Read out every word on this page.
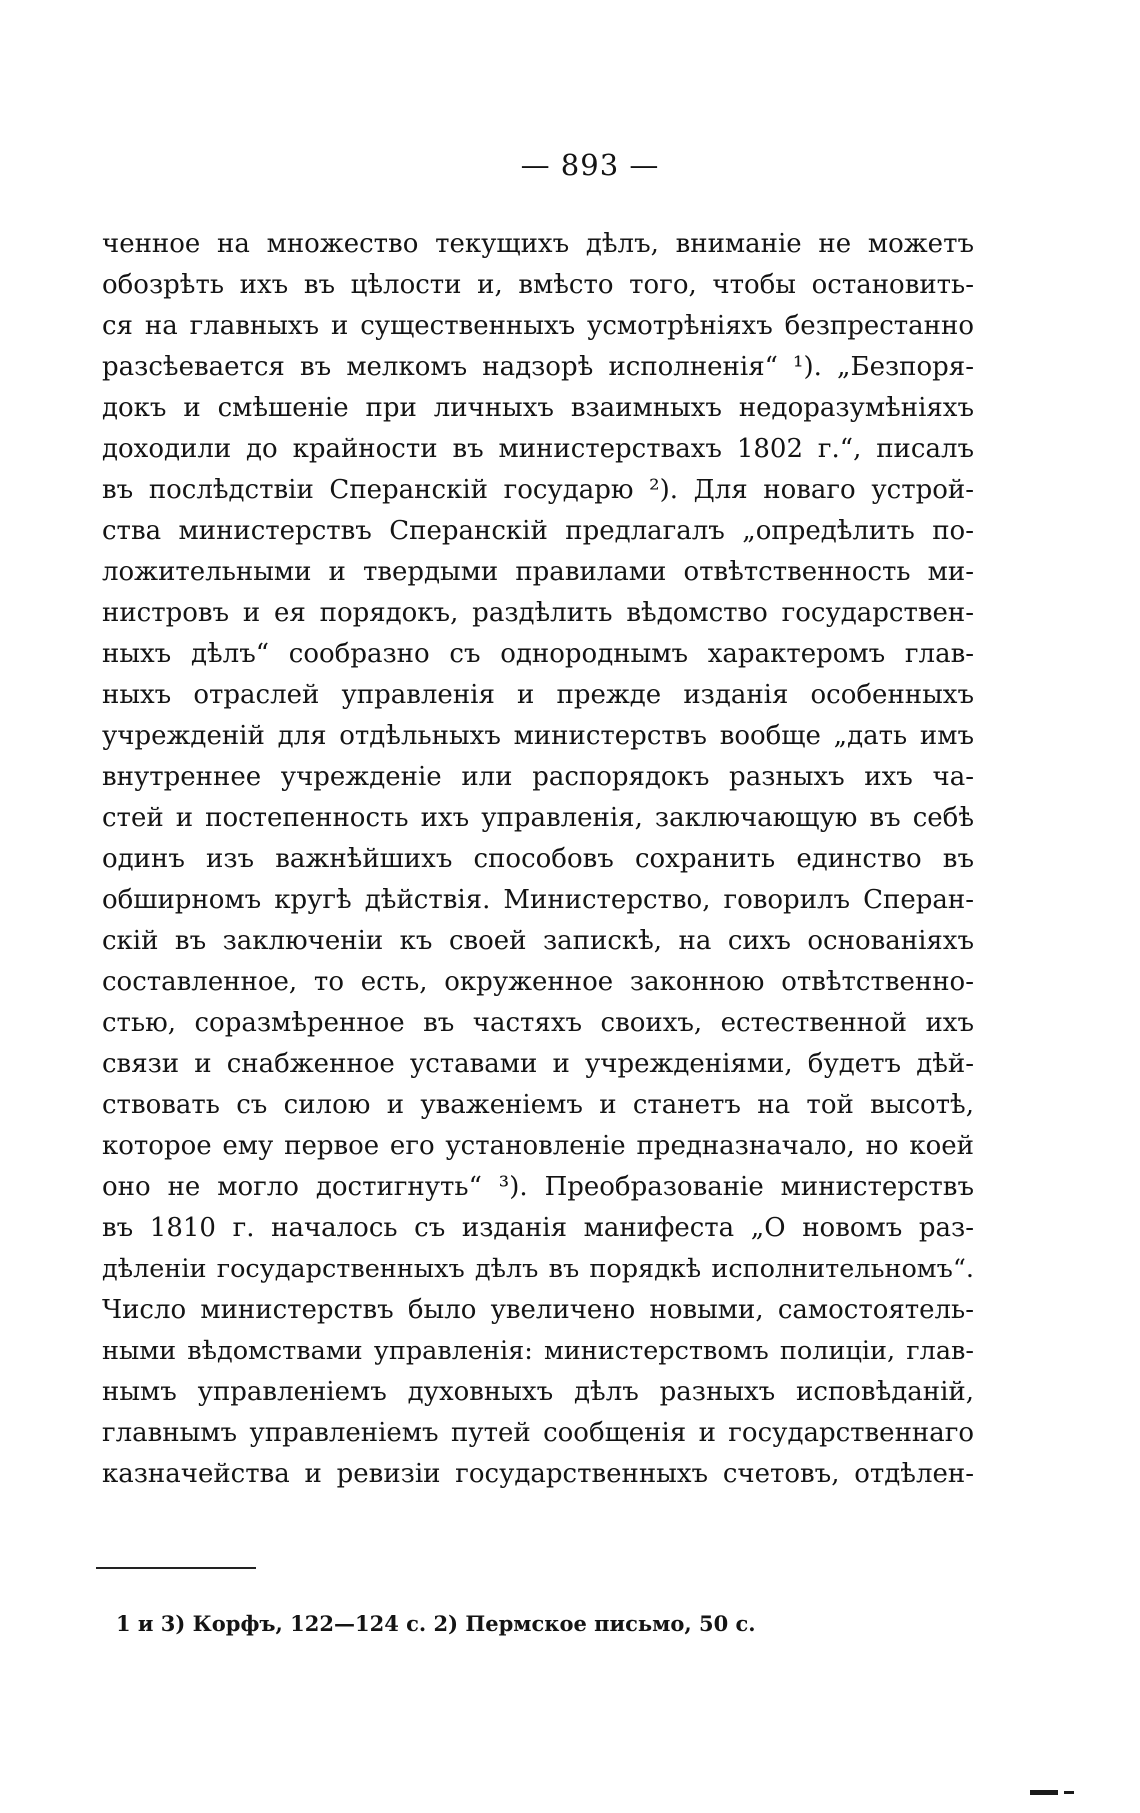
— 893 —
ченное на множество текущихъ дѣлъ, вниманіе не можетъ
обозрѣть ихъ въ цѣлости и, вмѣсто того, чтобы остановить-
ся на главныхъ и существенныхъ усмотрѣніяхъ безпрестанно
разсѣевается въ мелкомъ надзорѣ исполненія“ ¹). „Безпоря-
докъ и смѣшеніе при личныхъ взаимныхъ недоразумѣніяхъ
доходили до крайности въ министерствахъ 1802 г.“, писалъ
въ послѣдствіи Сперанскій государю ²). Для новаго устрой-
ства министерствъ Сперанскій предлагалъ „опредѣлить по-
ложительными и твердыми правилами отвѣтственность ми-
нистровъ и ея порядокъ, раздѣлить вѣдомство государствен-
ныхъ дѣлъ“ сообразно съ однороднымъ характеромъ глав-
ныхъ отраслей управленія и прежде изданія особенныхъ
учрежденій для отдѣльныхъ министерствъ вообще „дать имъ
внутреннее учрежденіе или распорядокъ разныхъ ихъ ча-
стей и постепенность ихъ управленія, заключающую въ себѣ
одинъ изъ важнѣйшихъ способовъ сохранить единство въ
обширномъ кругѣ дѣйствія. Министерство, говорилъ Сперан-
скій въ заключеніи къ своей запискѣ, на сихъ основаніяхъ
составленное, то есть, окруженное законною отвѣтственно-
стью, соразмѣренное въ частяхъ своихъ, естественной ихъ
связи и снабженное уставами и учрежденіями, будетъ дѣй-
ствовать съ силою и уваженіемъ и станетъ на той высотѣ,
которое ему первое его установленіе предназначало, но коей
оно не могло достигнуть“ ³). Преобразованіе министерствъ
въ 1810 г. началось съ изданія манифеста „О новомъ раз-
дѣленіи государственныхъ дѣлъ въ порядкѣ исполнительномъ“.
Число министерствъ было увеличено новыми, самостоятель-
ными вѣдомствами управленія: министерствомъ полиціи, глав-
нымъ управленіемъ духовныхъ дѣлъ разныхъ исповѣданій,
главнымъ управленіемъ путей сообщенія и государственнаго
казначейства и ревизіи государственныхъ счетовъ, отдѣлен-
1 и 3) Корфъ, 122—124 с. 2) Пермское письмо, 50 с.
